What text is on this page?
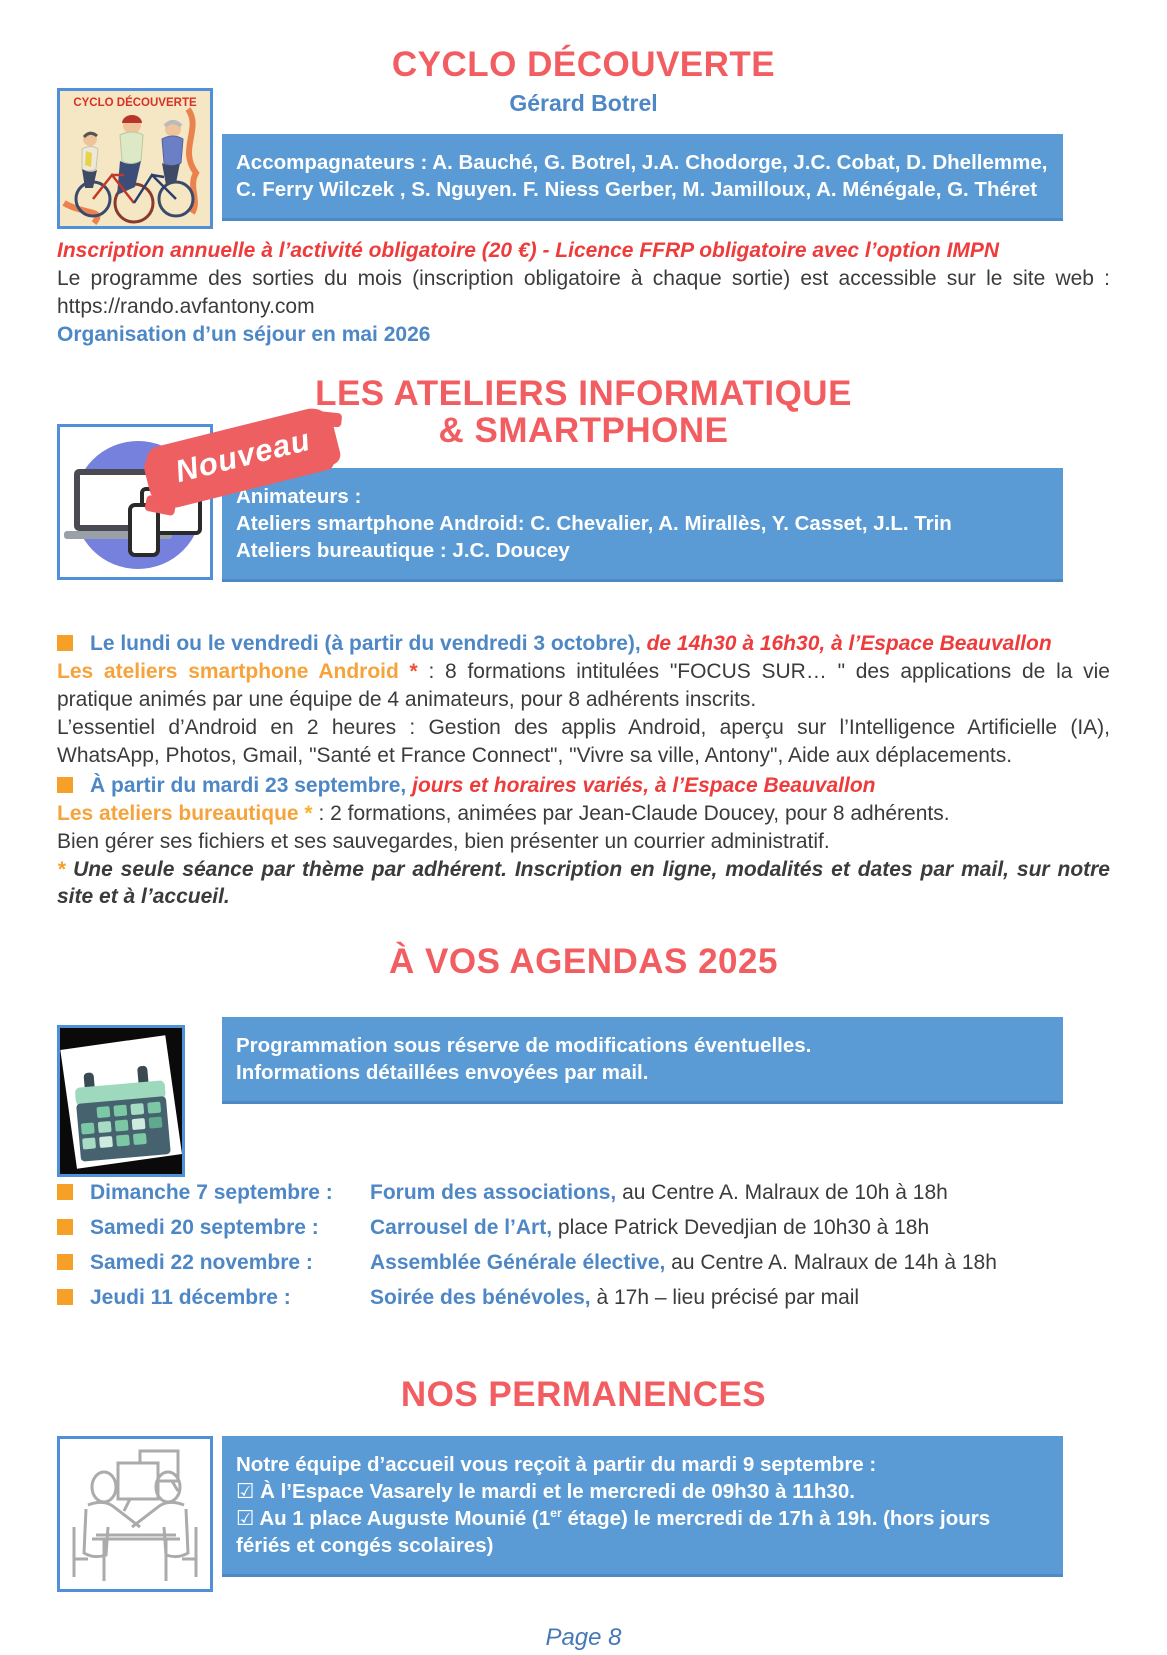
CYCLO DÉCOUVERTE
CYCLO DÉCOUVERTE
Gérard Botrel
Accompagnateurs : A. Bauché, G. Botrel, J.A. Chodorge, J.C. Cobat, D. Dhellemme, C. Ferry Wilczek , S. Nguyen. F. Niess Gerber, M. Jamilloux, A. Ménégale, G. Théret
Inscription annuelle à l’activité obligatoire (20 €) - Licence FFRP obligatoire avec l’option IMPN
Le programme des sorties du mois (inscription obligatoire à chaque sortie) est accessible sur le site web : https://rando.avfantony.com
Organisation d’un séjour en mai 2026
LES ATELIERS INFORMATIQUE
& SMARTPHONE
Nouveau
Animateurs :
Ateliers smartphone Android: C. Chevalier, A. Mirallès, Y. Casset, J.L. Trin
Ateliers bureautique : J.C. Doucey
Le lundi ou le vendredi (à partir du vendredi 3 octobre), de 14h30 à 16h30, à l’Espace Beauvallon
Les ateliers smartphone Android * : 8 formations intitulées "FOCUS SUR… " des applications de la vie pratique animés par une équipe de 4 animateurs, pour 8 adhérents inscrits.
L’essentiel d’Android en 2 heures : Gestion des applis Android, aperçu sur l’Intelligence Artificielle (IA), WhatsApp, Photos, Gmail, "Santé et France Connect", "Vivre sa ville, Antony", Aide aux déplacements.
À partir du mardi 23 septembre, jours et horaires variés, à l’Espace Beauvallon
Les ateliers bureautique * : 2 formations, animées par Jean-Claude Doucey, pour 8 adhérents.
Bien gérer ses fichiers et ses sauvegardes, bien présenter un courrier administratif.
* Une seule séance par thème par adhérent. Inscription en ligne, modalités et dates par mail, sur notre site et à l’accueil.
À VOS AGENDAS 2025
Programmation sous réserve de modifications éventuelles.
Informations détaillées envoyées par mail.
Dimanche 7 septembre :	Forum des associations, au Centre A. Malraux de 10h à 18h
Samedi 20 septembre :	Carrousel de l’Art, place Patrick Devedjian de 10h30 à 18h
Samedi 22 novembre :	Assemblée Générale élective, au Centre A. Malraux de 14h à 18h
Jeudi 11 décembre :	Soirée des bénévoles, à 17h – lieu précisé par mail
NOS PERMANENCES
Notre équipe d’accueil vous reçoit à partir du mardi 9 septembre :
☑ À l’Espace Vasarely le mardi et le mercredi de 09h30 à 11h30.
☑ Au 1 place Auguste Mounié (1er étage) le mercredi de 17h à 19h. (hors jours fériés et congés scolaires)
Page 8
